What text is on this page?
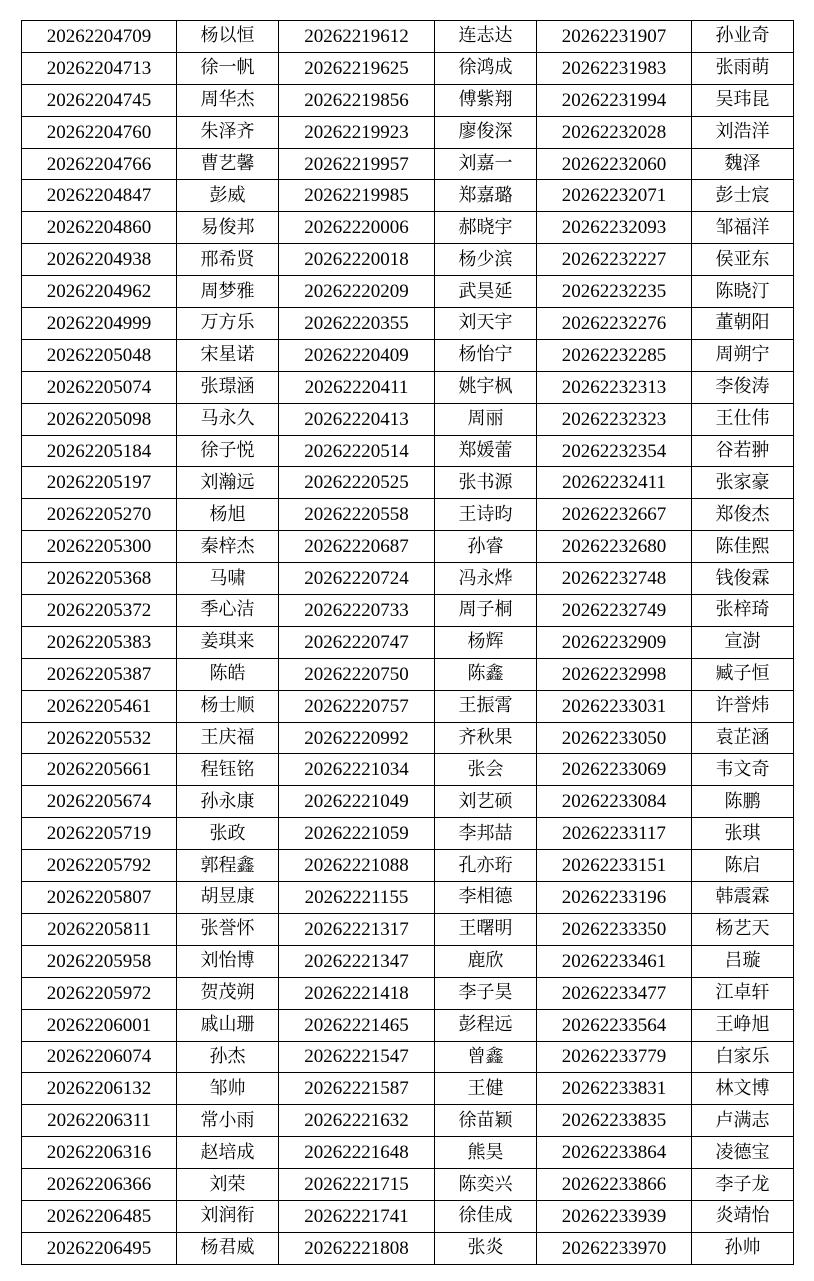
20262204709	杨以恒	20262219612	连志达	20262231907	孙业奇
20262204713	徐一帆	20262219625	徐鸿成	20262231983	张雨萌
20262204745	周华杰	20262219856	傅紫翔	20262231994	吴玮昆
20262204760	朱泽齐	20262219923	廖俊深	20262232028	刘浩洋
20262204766	曹艺馨	20262219957	刘嘉一	20262232060	魏泽
20262204847	彭威	20262219985	郑嘉璐	20262232071	彭士宸
20262204860	易俊邦	20262220006	郝晓宇	20262232093	邹福洋
20262204938	邢希贤	20262220018	杨少滨	20262232227	侯亚东
20262204962	周梦雅	20262220209	武昊延	20262232235	陈晓汀
20262204999	万方乐	20262220355	刘天宇	20262232276	董朝阳
20262205048	宋星诺	20262220409	杨怡宁	20262232285	周朔宁
20262205074	张璟涵	20262220411	姚宇枫	20262232313	李俊涛
20262205098	马永久	20262220413	周丽	20262232323	王仕伟
20262205184	徐子悦	20262220514	郑媛蕾	20262232354	谷若翀
20262205197	刘瀚远	20262220525	张书源	20262232411	张家豪
20262205270	杨旭	20262220558	王诗昀	20262232667	郑俊杰
20262205300	秦梓杰	20262220687	孙睿	20262232680	陈佳熙
20262205368	马啸	20262220724	冯永烨	20262232748	钱俊霖
20262205372	季心洁	20262220733	周子桐	20262232749	张梓琦
20262205383	姜琪来	20262220747	杨辉	20262232909	宣澍
20262205387	陈皓	20262220750	陈鑫	20262232998	臧子恒
20262205461	杨士顺	20262220757	王振霄	20262233031	许誉炜
20262205532	王庆福	20262220992	齐秋果	20262233050	袁芷涵
20262205661	程钰铭	20262221034	张会	20262233069	韦文奇
20262205674	孙永康	20262221049	刘艺硕	20262233084	陈鹏
20262205719	张政	20262221059	李邦喆	20262233117	张琪
20262205792	郭程鑫	20262221088	孔亦珩	20262233151	陈启
20262205807	胡昱康	20262221155	李相德	20262233196	韩震霖
20262205811	张誉怀	20262221317	王曙明	20262233350	杨艺天
20262205958	刘怡博	20262221347	鹿欣	20262233461	吕璇
20262205972	贺茂朔	20262221418	李子昊	20262233477	江卓轩
20262206001	戚山珊	20262221465	彭程远	20262233564	王峥旭
20262206074	孙杰	20262221547	曾鑫	20262233779	白家乐
20262206132	邹帅	20262221587	王健	20262233831	林文博
20262206311	常小雨	20262221632	徐苗颖	20262233835	卢满志
20262206316	赵培成	20262221648	熊昊	20262233864	凌德宝
20262206366	刘荣	20262221715	陈奕兴	20262233866	李子龙
20262206485	刘润衔	20262221741	徐佳成	20262233939	炎靖怡
20262206495	杨君威	20262221808	张炎	20262233970	孙帅
